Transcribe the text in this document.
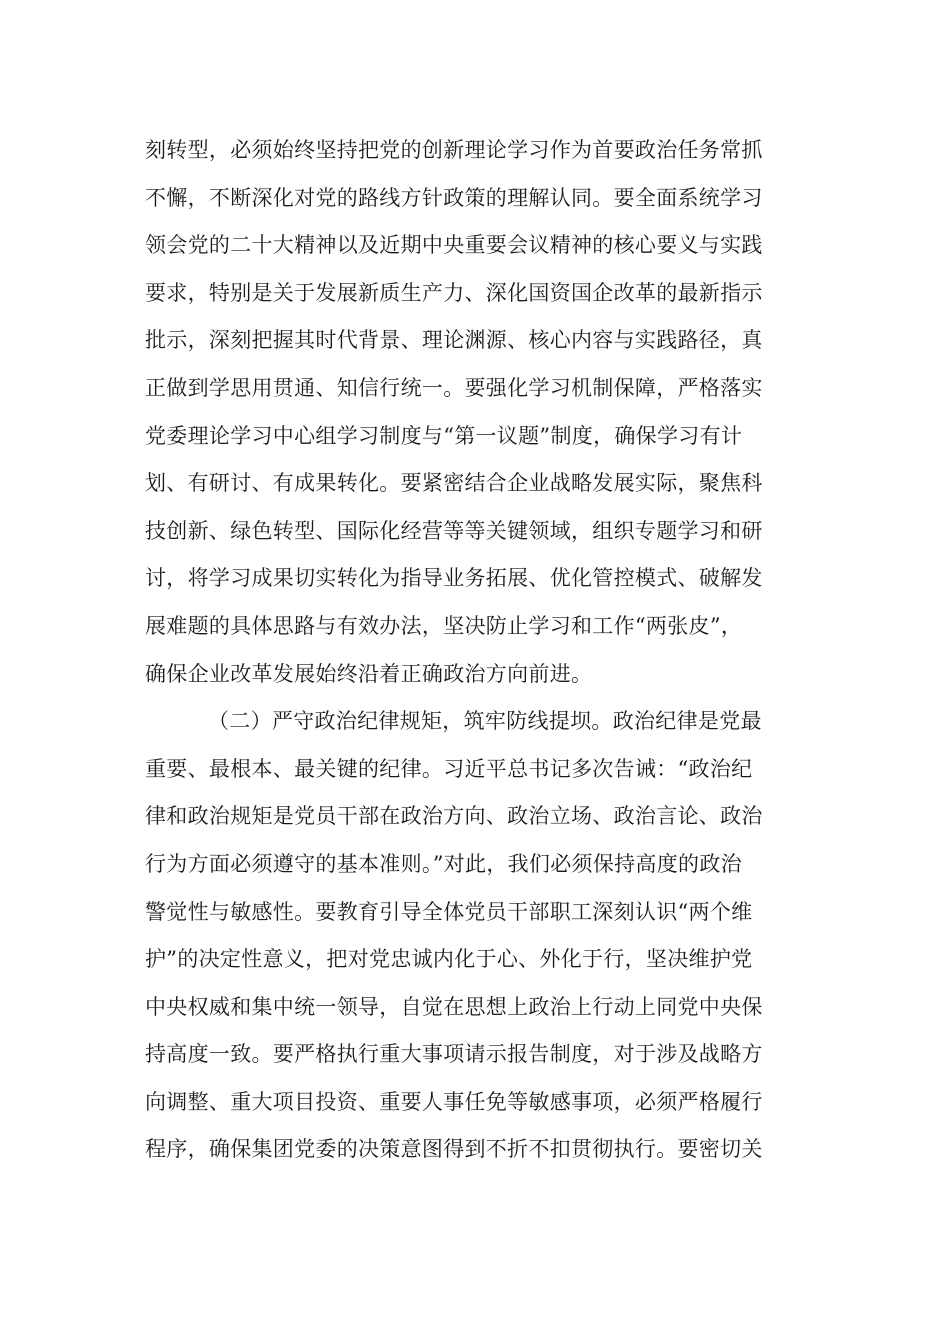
刻转型，必须始终坚持把党的创新理论学习作为首要政治任务常抓
不懈，不断深化对党的路线方针政策的理解认同。要全面系统学习
领会党的二十大精神以及近期中央重要会议精神的核心要义与实践
要求，特别是关于发展新质生产力、深化国资国企改革的最新指示
批示，深刻把握其时代背景、理论渊源、核心内容与实践路径，真
正做到学思用贯通、知信行统一。要强化学习机制保障，严格落实
党委理论学习中心组学习制度与“第一议题”制度，确保学习有计
划、有研讨、有成果转化。要紧密结合企业战略发展实际，聚焦科
技创新、绿色转型、国际化经营等等关键领域，组织专题学习和研
讨，将学习成果切实转化为指导业务拓展、优化管控模式、破解发
展难题的具体思路与有效办法，坚决防止学习和工作“两张皮”，
确保企业改革发展始终沿着正确政治方向前进。
（二）严守政治纪律规矩，筑牢防线提坝。政治纪律是党最
重要、最根本、最关键的纪律。习近平总书记多次告诫：“政治纪
律和政治规矩是党员干部在政治方向、政治立场、政治言论、政治
行为方面必须遵守的基本准则。”对此，我们必须保持高度的政治
警觉性与敏感性。要教育引导全体党员干部职工深刻认识“两个维
护”的决定性意义，把对党忠诚内化于心、外化于行，坚决维护党
中央权威和集中统一领导，自觉在思想上政治上行动上同党中央保
持高度一致。要严格执行重大事项请示报告制度，对于涉及战略方
向调整、重大项目投资、重要人事任免等敏感事项，必须严格履行
程序，确保集团党委的决策意图得到不折不扣贯彻执行。要密切关
